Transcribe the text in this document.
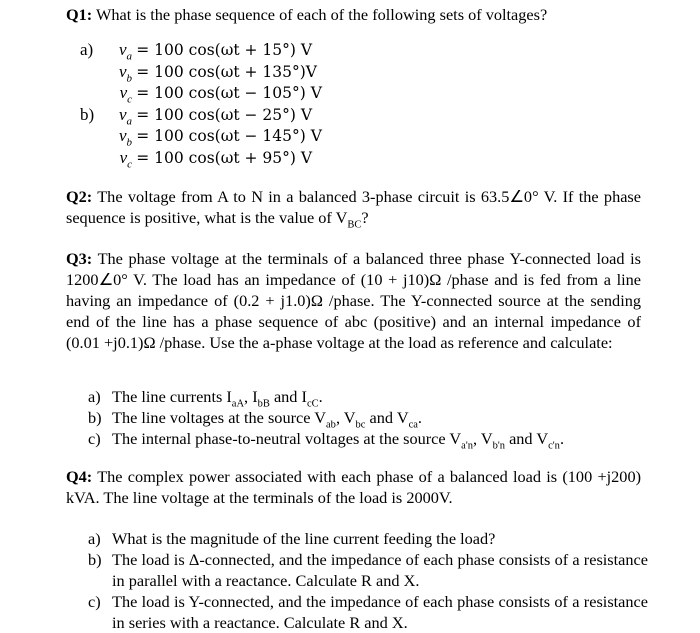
Q1: What is the phase sequence of each of the following sets of voltages?
a) $v_a = 100$ cos(ωt + 15°) V
$v_b = 100$ cos(ωt + 135°)V
$v_c = 100$ cos(ωt − 105°) V
b) $v_a = 100$ cos(ωt − 25°) V
$v_b = 100$ cos(ωt − 145°) V
$v_c = 100$ cos(ωt + 95°) V
Q2: The voltage from A to N in a balanced 3-phase circuit is 63.5∠0° V. If the phase sequence is positive, what is the value of $V_{BC}$?
Q3: The phase voltage at the terminals of a balanced three phase Y-connected load is 1200∠0° V. The load has an impedance of (10 + j10)Ω /phase and is fed from a line having an impedance of (0.2 + j1.0)Ω /phase. The Y-connected source at the sending end of the line has a phase sequence of abc (positive) and an internal impedance of (0.01 +j0.1)Ω /phase. Use the a-phase voltage at the load as reference and calculate:
a) The line currents $I_{aA}$, $I_{bB}$ and $I_{cC}$.
b) The line voltages at the source $V_{ab}$, $V_{bc}$ and $V_{ca}$.
c) The internal phase-to-neutral voltages at the source $V_{a'n}$, $V_{b'n}$ and $V_{c'n}$.
Q4: The complex power associated with each phase of a balanced load is (100 +j200) kVA. The line voltage at the terminals of the load is 2000V.
a) What is the magnitude of the line current feeding the load?
b) The load is Δ-connected, and the impedance of each phase consists of a resistance in parallel with a reactance. Calculate R and X.
c) The load is Y-connected, and the impedance of each phase consists of a resistance in series with a reactance. Calculate R and X.
